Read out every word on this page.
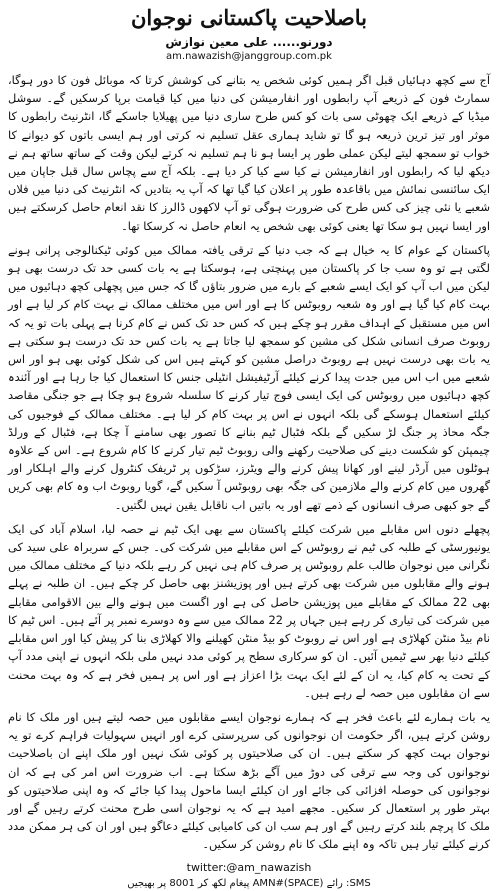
باصلاحیت پاکستانی نوجوان
دورنو...... علی معین نوازش
am.nawazish@janggroup.com.pk

آج سے کچھ دہائیاں قبل اگر ہمیں کوئی شخص یہ بتانے کی کوشش کرتا کہ موبائل فون کا دور ہوگا، سمارٹ فون کے ذریعے آپ رابطوں اور انفارمیشن کی دنیا میں کیا قیامت برپا کرسکیں گے۔ سوشل میڈیا کے ذریعے ایک چھوٹی سی بات کو کس طرح ساری دنیا میں پھیلایا جاسکے گا، انٹرنیٹ رابطوں کا موثر اور تیز ترین ذریعہ ہو گا تو شاید ہماری عقل تسلیم نہ کرتی اور ہم ایسی باتوں کو دیوانے کا خواب تو سمجھ لیتے لیکن عملی طور پر ایسا ہو نا ہم تسلیم نہ کرتے لیکن وقت کے ساتھ ساتھ ہم نے دیکھ لیا کہ رابطوں اور انفارمیشن نے کیا سے کیا کر دیا ہے۔ بلکہ آج سے پچاس سال قبل جاپان میں ایک سائنسی نمائش میں باقاعدہ طور پر اعلان کیا گیا تھا کہ آپ یہ بتادیں کہ انٹرنیٹ کی دنیا میں فلاں شعبے یا نئی چیز کی کس طرح کی ضرورت ہوگی تو آپ لاکھوں ڈالرز کا نقد انعام حاصل کرسکتے ہیں اور ایسا نہیں ہو سکا تھا یعنی کوئی بھی شخص یہ انعام حاصل نہ کرسکا تھا۔

پاکستان کے عوام کا یہ خیال ہے کہ جب دنیا کے ترقی یافتہ ممالک میں کوئی ٹیکنالوجی پرانی ہونے لگتی ہے تو وہ سب جا کر پاکستان میں پہنچتی ہے، ہوسکتا ہے یہ بات کسی حد تک درست بھی ہو لیکن میں اب آپ کو ایک ایسے شعبے کے بارے میں ضرور بتاؤں گا کہ جس میں پچھلی کچھ دہائیوں میں بہت کام کیا گیا ہے اور وہ شعبہ روبوٹس کا ہے اور اس میں مختلف ممالک نے بہت کام کر لیا ہے اور اس میں مستقبل کے اہداف مقرر ہو چکے ہیں کہ کس حد تک کس نے کام کرنا ہے پہلی بات تو یہ کہ روبوٹ صرف انسانی شکل کی مشین کو سمجھ لیا جاتا ہے یہ بات کس حد تک درست ہو سکتی ہے یہ بات بھی درست نہیں ہے روبوٹ دراصل مشین کو کہتے ہیں اس کی شکل کوئی بھی ہو اور اس شعبے میں اب اس میں جدت پیدا کرنے کیلئے آرٹیفیشل انٹیلی جنس کا استعمال کیا جا رہا ہے اور آئندہ کچھ دہائیوں میں روبوٹس کی ایک ایسی فوج تیار کرنے کا سلسلہ شروع ہو چکا ہے جو جنگی مقاصد کیلئے استعمال ہوسکے گی بلکہ انہوں نے اس پر بہت کام کر لیا ہے۔ مختلف ممالک کے فوجیوں کی جگہ محاذ پر جنگ لڑ سکیں گے بلکہ فٹبال ٹیم بنانے کا تصور بھی سامنے آ چکا ہے، فٹبال کے ورلڈ چیمپئن کو شکست دینے کی صلاحیت رکھنے والی روبوٹ ٹیم تیار کرنے کا کام شروع ہے۔ اس کے علاوہ ہوٹلوں میں آرڈر لینے اور کھانا پیش کرنے والے ویٹرز، سڑکوں پر ٹریفک کنٹرول کرنے والے اہلکار اور گھروں میں کام کرنے والے ملازمین کی جگہ بھی روبوٹس آ سکیں گے، گویا روبوٹ اب وہ کام بھی کریں گے جو کبھی صرف انسانوں کے ذمے تھے اور یہ باتیں اب ناقابل یقین نہیں لگتیں۔

پچھلے دنوں اس مقابلے میں شرکت کیلئے پاکستان سے بھی ایک ٹیم نے حصہ لیا، اسلام آباد کی ایک یونیورسٹی کے طلبہ کی ٹیم نے روبوٹس کے اس مقابلے میں شرکت کی۔ جس کے سربراہ علی سید کی نگرانی میں نوجوان طالب علم روبوٹس پر صرف کام ہی نہیں کر رہے بلکہ دنیا کے مختلف ممالک میں ہونے والے مقابلوں میں شرکت بھی کرتے ہیں اور پوزیشنز بھی حاصل کر چکے ہیں۔ ان طلبہ نے پہلے بھی 22 ممالک کے مقابلے میں پوزیشن حاصل کی ہے اور اگست میں ہونے والے بین الاقوامی مقابلے میں شرکت کی تیاری کر رہے ہیں جہاں پر 22 ممالک میں سے وہ دوسرے نمبر پر آئے ہیں۔ اس ٹیم کا نام بیڈ منٹن کھلاڑی ہے اور اس نے روبوٹ کو بیڈ منٹن کھیلنے والا کھلاڑی بنا کر پیش کیا اور اس مقابلے کیلئے دنیا بھر سے ٹیمیں آئیں۔ ان کو سرکاری سطح پر کوئی مدد نہیں ملی بلکہ انہوں نے اپنی مدد آپ کے تحت یہ کام کیا، یہ ان کے لئے ایک بہت بڑا اعزاز ہے اور اس پر ہمیں فخر ہے کہ وہ بہت محنت سے ان مقابلوں میں حصہ لے رہے ہیں۔

یہ بات ہمارے لئے باعث فخر ہے کہ ہمارے نوجوان ایسے مقابلوں میں حصہ لیتے ہیں اور ملک کا نام روشن کرتے ہیں، اگر حکومت ان نوجوانوں کی سرپرستی کرے اور انہیں سہولیات فراہم کرے تو یہ نوجوان بہت کچھ کر سکتے ہیں۔ ان کی صلاحیتوں پر کوئی شک نہیں اور ملک اپنے ان باصلاحیت نوجوانوں کی وجہ سے ترقی کی دوڑ میں آگے بڑھ سکتا ہے۔ اب ضرورت اس امر کی ہے کہ ان نوجوانوں کی حوصلہ افزائی کی جائے اور ان کیلئے ایسا ماحول پیدا کیا جائے کہ وہ اپنی صلاحیتوں کو بہتر طور پر استعمال کر سکیں۔ مجھے امید ہے کہ یہ نوجوان اسی طرح محنت کرتے رہیں گے اور ملک کا پرچم بلند کرتے رہیں گے اور ہم سب ان کی کامیابی کیلئے دعاگو ہیں اور ان کی ہر ممکن مدد کرنے کیلئے تیار ہیں تاکہ وہ اپنے ملک کا نام روشن کر سکیں۔

twitter:@am_nawazish
SMS: رائے (SPACE)#AMN پیغام لکھ کر 8001 پر بھیجیں
